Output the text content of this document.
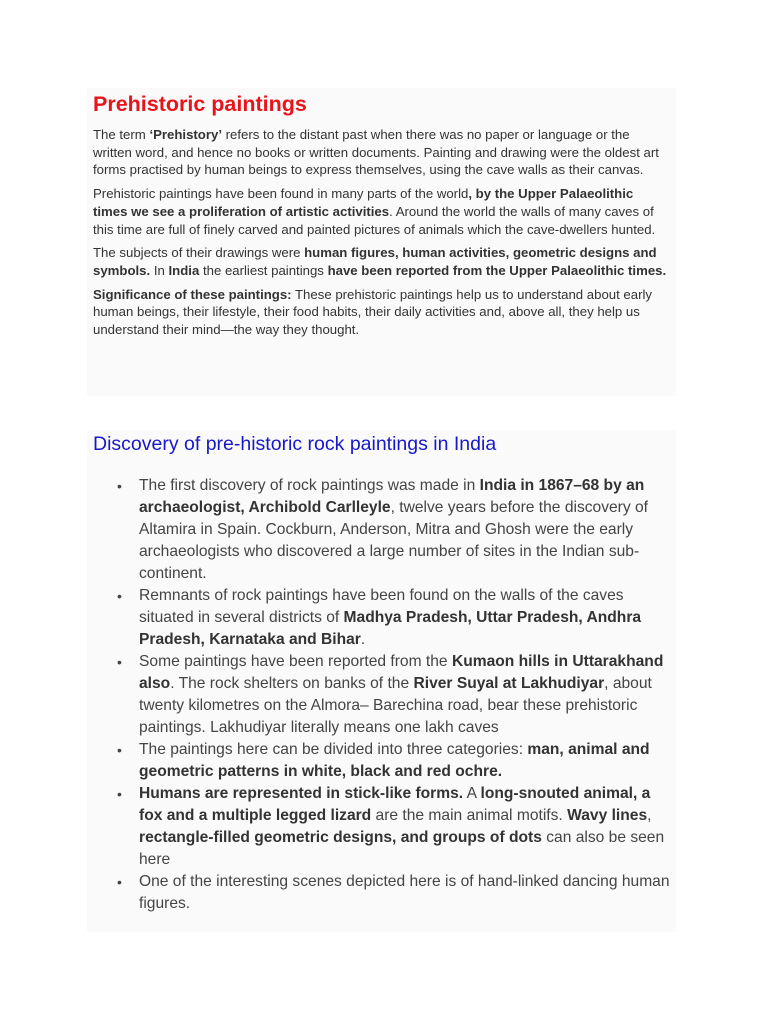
Prehistoric paintings

The term ‘Prehistory’ refers to the distant past when there was no paper or language or the written word, and hence no books or written documents. Painting and drawing were the oldest art forms practised by human beings to express themselves, using the cave walls as their canvas.

Prehistoric paintings have been found in many parts of the world, by the Upper Palaeolithic times we see a proliferation of artistic activities. Around the world the walls of many caves of this time are full of finely carved and painted pictures of animals which the cave-dwellers hunted.

The subjects of their drawings were human figures, human activities, geometric designs and symbols. In India the earliest paintings have been reported from the Upper Palaeolithic times.

Significance of these paintings: These prehistoric paintings help us to understand about early human beings, their lifestyle, their food habits, their daily activities and, above all, they help us understand their mind—the way they thought.

Discovery of pre-historic rock paintings in India
• The first discovery of rock paintings was made in India in 1867–68 by an archaeologist, Archibold Carlleyle, twelve years before the discovery of Altamira in Spain. Cockburn, Anderson, Mitra and Ghosh were the early archaeologists who discovered a large number of sites in the Indian sub-continent.
• Remnants of rock paintings have been found on the walls of the caves situated in several districts of Madhya Pradesh, Uttar Pradesh, Andhra Pradesh, Karnataka and Bihar.
• Some paintings have been reported from the Kumaon hills in Uttarakhand also. The rock shelters on banks of the River Suyal at Lakhudiyar, about twenty kilometres on the Almora– Barechina road, bear these prehistoric paintings. Lakhudiyar literally means one lakh caves
• The paintings here can be divided into three categories: man, animal and geometric patterns in white, black and red ochre.
• Humans are represented in stick-like forms. A long-snouted animal, a fox and a multiple legged lizard are the main animal motifs. Wavy lines, rectangle-filled geometric designs, and groups of dots can also be seen here
• One of the interesting scenes depicted here is of hand-linked dancing human figures.
